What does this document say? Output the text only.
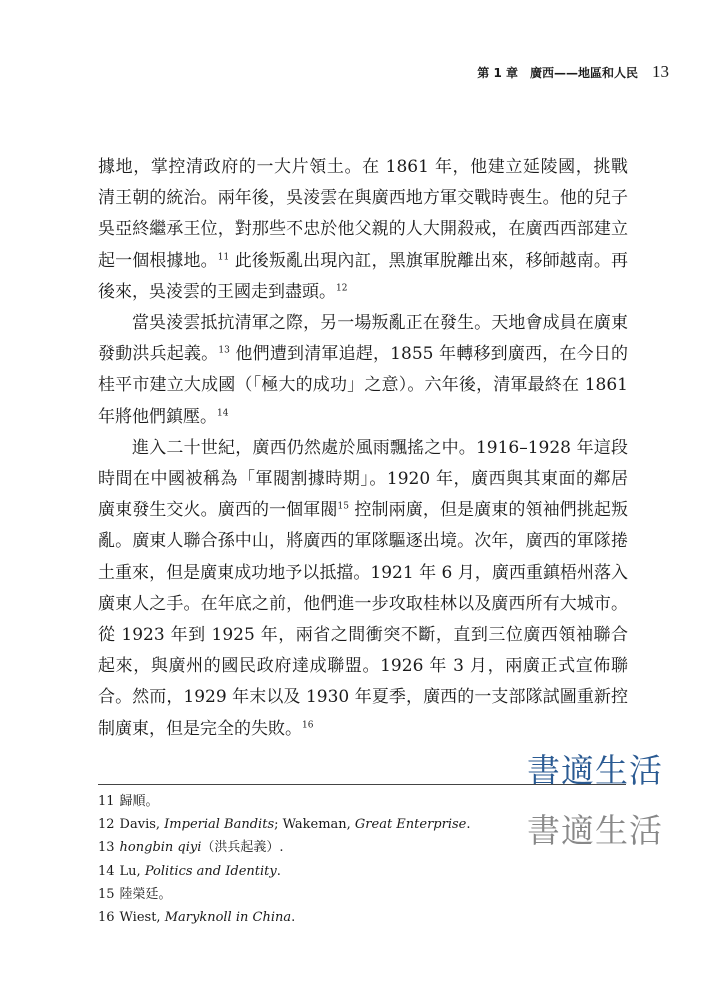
第 1 章　廣西——地區和人民 13

據地，掌控清政府的一大片領土。在 1861 年，他建立延陵國，挑戰清王朝的統治。兩年後，吳淩雲在與廣西地方軍交戰時喪生。他的兒子吳亞終繼承王位，對那些不忠於他父親的人大開殺戒，在廣西西部建立起一個根據地。$^{11}$ 此後叛亂出現內訌，黑旗軍脫離出來，移師越南。再後來，吳淩雲的王國走到盡頭。$^{12}$

當吳淩雲抵抗清軍之際，另一場叛亂正在發生。天地會成員在廣東發動洪兵起義。$^{13}$ 他們遭到清軍追趕，1855 年轉移到廣西，在今日的桂平市建立大成國（「極大的成功」之意）。六年後，清軍最終在 1861 年將他們鎮壓。$^{14}$

進入二十世紀，廣西仍然處於風雨飄搖之中。1916–1928 年這段時間在中國被稱為「軍閥割據時期」。1920 年，廣西與其東面的鄰居廣東發生交火。廣西的一個軍閥$^{15}$ 控制兩廣，但是廣東的領袖們挑起叛亂。廣東人聯合孫中山，將廣西的軍隊驅逐出境。次年，廣西的軍隊捲土重來，但是廣東成功地予以抵擋。1921 年 6 月，廣西重鎮梧州落入廣東人之手。在年底之前，他們進一步攻取桂林以及廣西所有大城市。從 1923 年到 1925 年，兩省之間衝突不斷，直到三位廣西領袖聯合起來，與廣州的國民政府達成聯盟。1926 年 3 月，兩廣正式宣佈聯合。然而，1929 年末以及 1930 年夏季，廣西的一支部隊試圖重新控制廣東，但是完全的失敗。$^{16}$

書適生活
書適生活
11 歸順。
12 Davis, Imperial Bandits; Wakeman, Great Enterprise.
13 hongbin qiyi（洪兵起義）.
14 Lu, Politics and Identity.
15 陸榮廷。
16 Wiest, Maryknoll in China.
